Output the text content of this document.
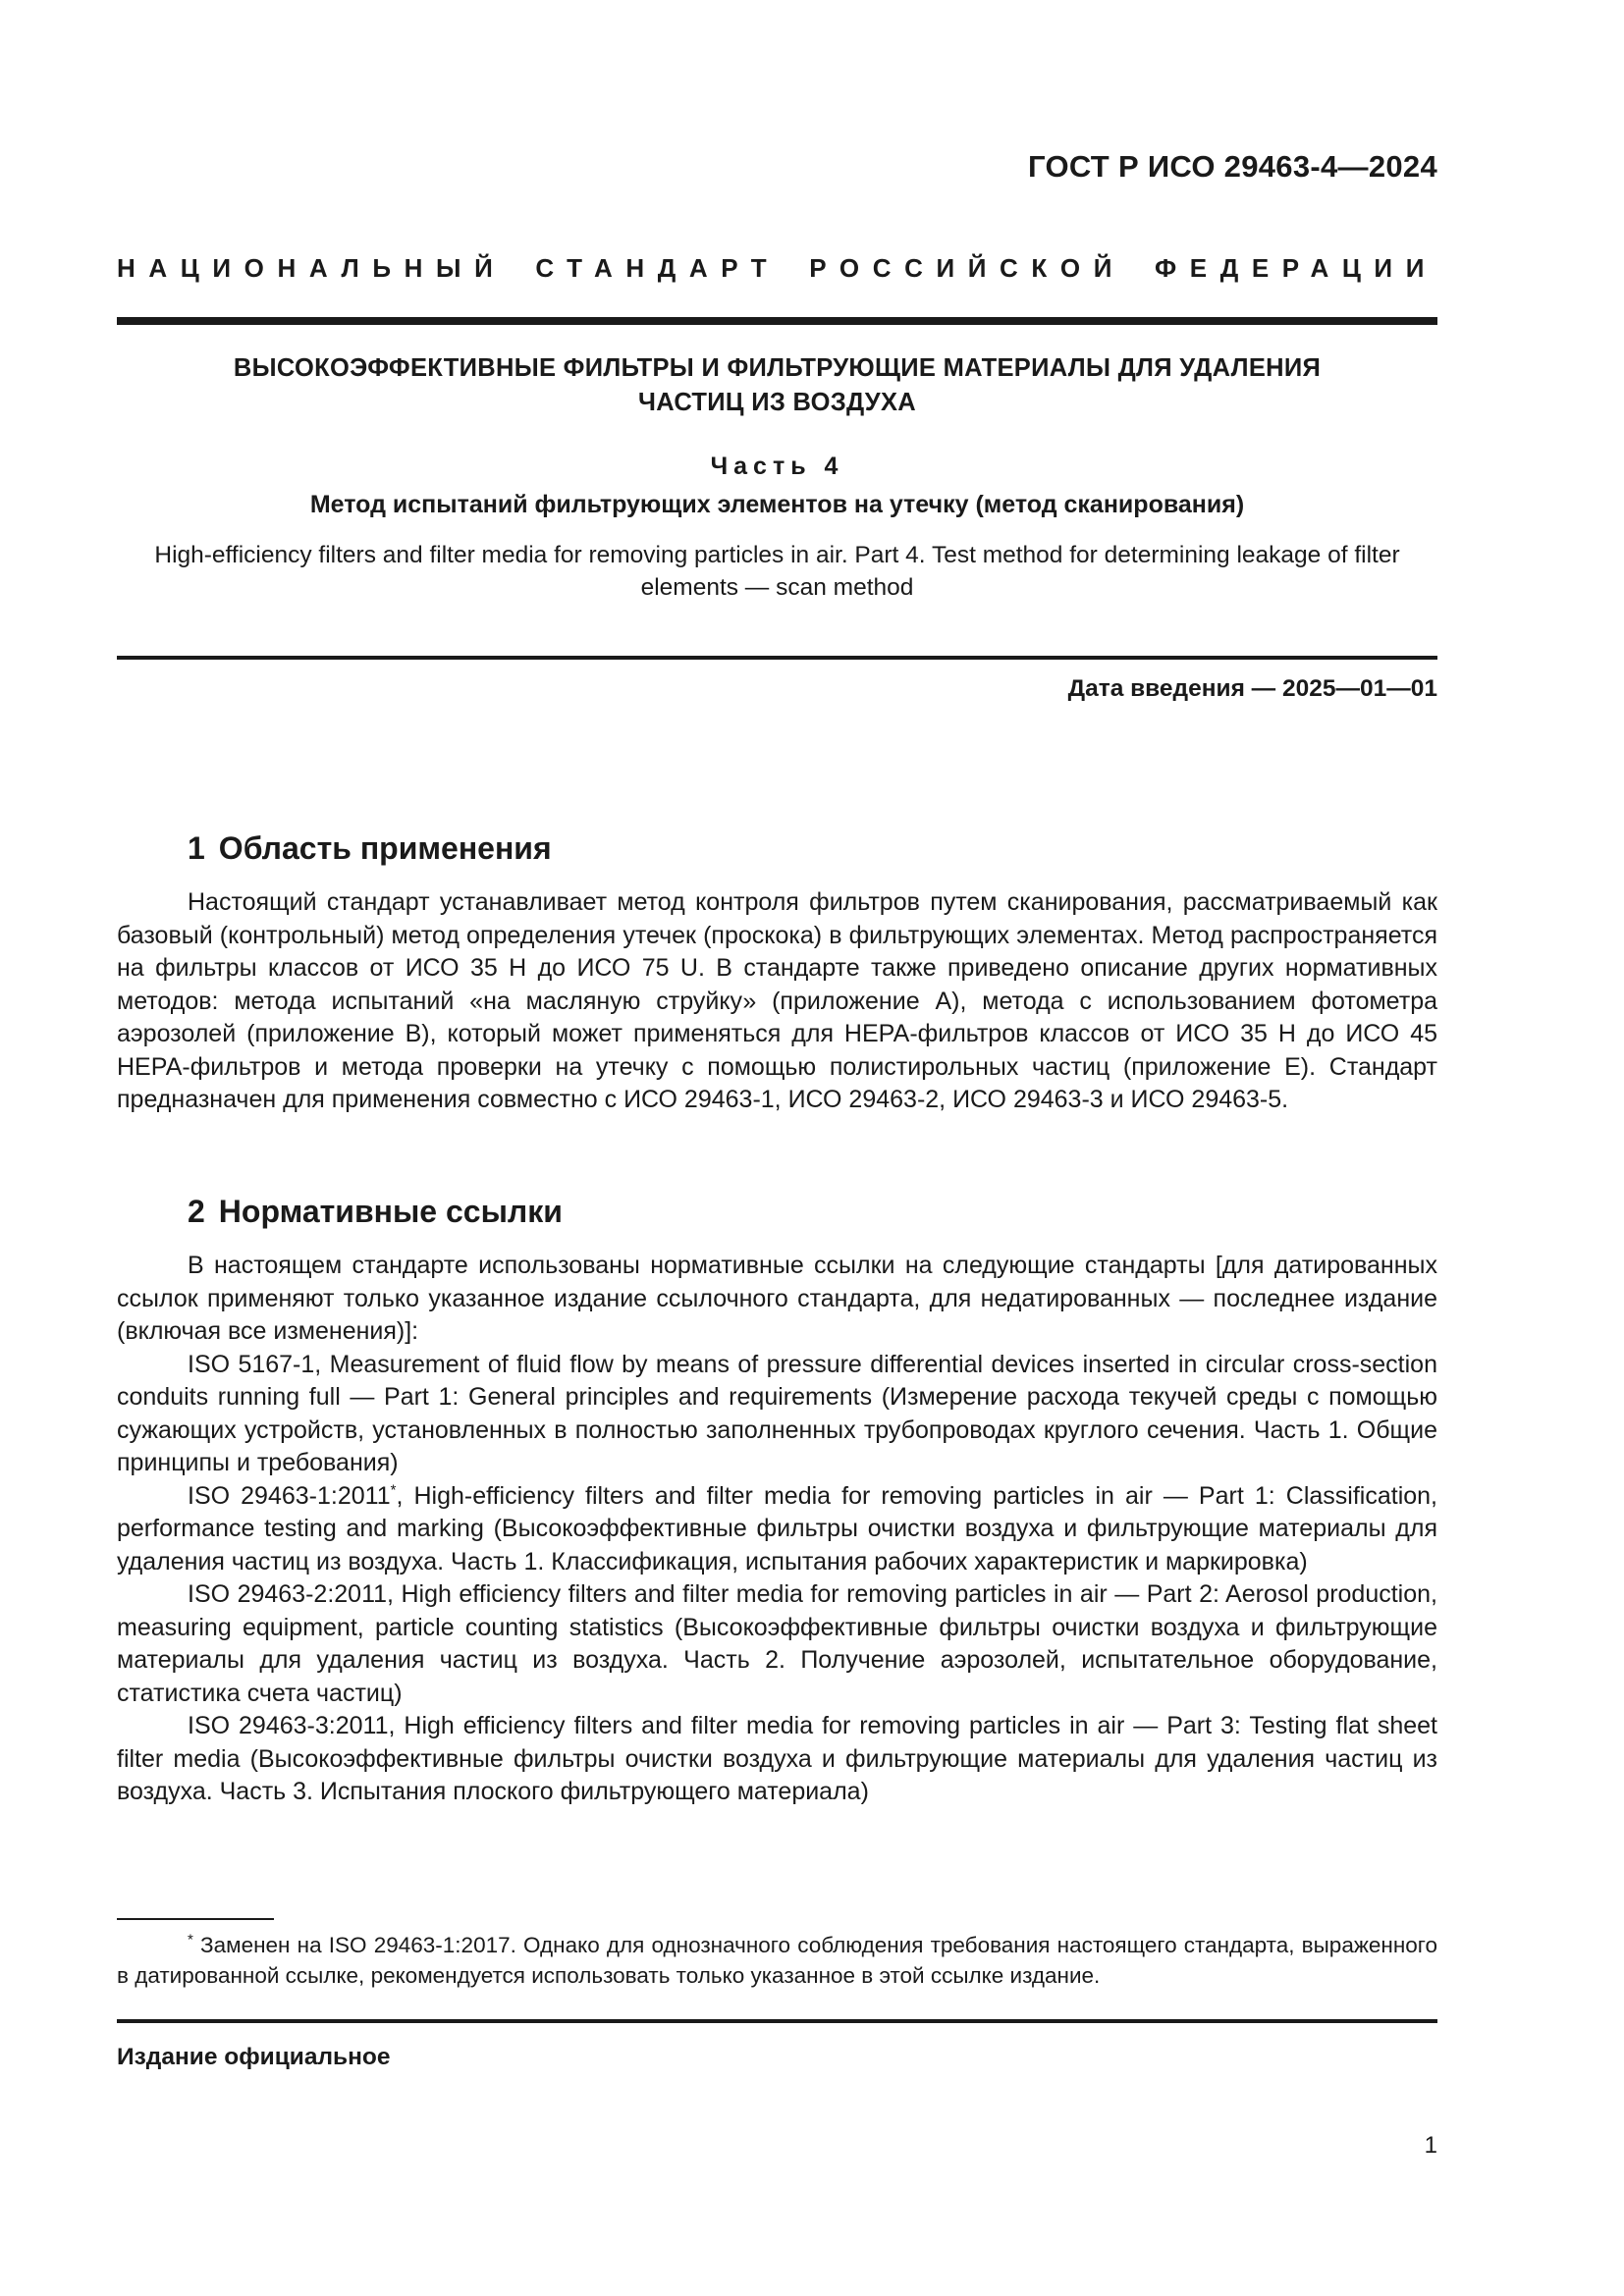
ГОСТ Р ИСО 29463-4—2024
НАЦИОНАЛЬНЫЙ СТАНДАРТ РОССИЙСКОЙ ФЕДЕРАЦИИ
ВЫСОКОЭФФЕКТИВНЫЕ ФИЛЬТРЫ И ФИЛЬТРУЮЩИЕ МАТЕРИАЛЫ ДЛЯ УДАЛЕНИЯ
ЧАСТИЦ ИЗ ВОЗДУХА
Часть 4
Метод испытаний фильтрующих элементов на утечку (метод сканирования)
High-efficiency filters and filter media for removing particles in air. Part 4. Test method for determining leakage of filter elements — scan method
Дата введения — 2025—01—01
1 Область применения

Настоящий стандарт устанавливает метод контроля фильтров путем сканирования, рассматриваемый как базовый (контрольный) метод определения утечек (проскока) в фильтрующих элементах. Метод распространяется на фильтры классов от ИСО 35 Н до ИСО 75 U. В стандарте также приведено описание других нормативных методов: метода испытаний «на масляную струйку» (приложение А), метода с использованием фотометра аэрозолей (приложение В), который может применяться для НЕРА-фильтров классов от ИСО 35 Н до ИСО 45 НЕРА-фильтров и метода проверки на утечку с помощью полистирольных частиц (приложение Е). Стандарт предназначен для применения совместно с ИСО 29463-1, ИСО 29463-2, ИСО 29463-3 и ИСО 29463-5.

2 Нормативные ссылки

В настоящем стандарте использованы нормативные ссылки на следующие стандарты [для датированных ссылок применяют только указанное издание ссылочного стандарта, для недатированных — последнее издание (включая все изменения)]:

ISO 5167-1, Measurement of fluid flow by means of pressure differential devices inserted in circular cross-section conduits running full — Part 1: General principles and requirements (Измерение расхода текучей среды с помощью сужающих устройств, установленных в полностью заполненных трубопроводах круглого сечения. Часть 1. Общие принципы и требования)

ISO 29463-1:2011*, High-efficiency filters and filter media for removing particles in air — Part 1: Classification, performance testing and marking (Высокоэффективные фильтры очистки воздуха и фильтрующие материалы для удаления частиц из воздуха. Часть 1. Классификация, испытания рабочих характеристик и маркировка)

ISO 29463-2:2011, High efficiency filters and filter media for removing particles in air — Part 2: Aerosol production, measuring equipment, particle counting statistics (Высокоэффективные фильтры очистки воздуха и фильтрующие материалы для удаления частиц из воздуха. Часть 2. Получение аэрозолей, испытательное оборудование, статистика счета частиц)

ISO 29463-3:2011, High efficiency filters and filter media for removing particles in air — Part 3: Testing flat sheet filter media (Высокоэффективные фильтры очистки воздуха и фильтрующие материалы для удаления частиц из воздуха. Часть 3. Испытания плоского фильтрующего материала)

* Заменен на ISO 29463-1:2017. Однако для однозначного соблюдения требования настоящего стандарта, выраженного в датированной ссылке, рекомендуется использовать только указанное в этой ссылке издание.

Издание официальное
1
